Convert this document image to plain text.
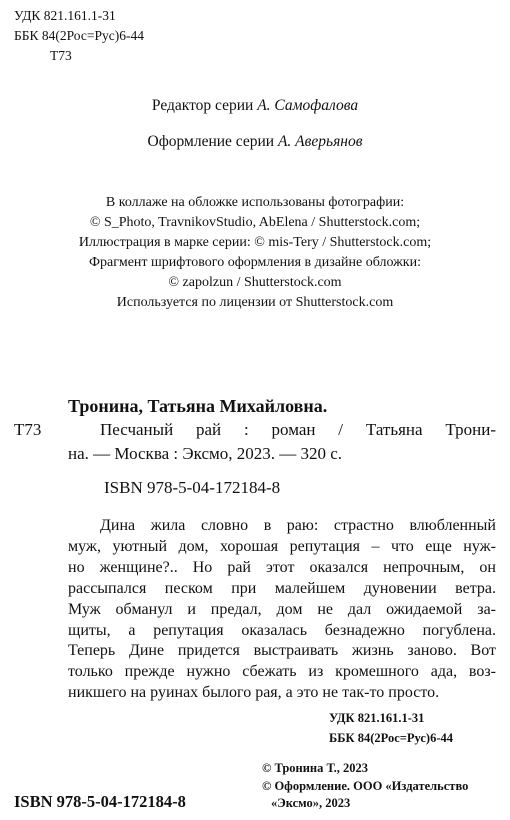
УДК 821.161.1-31
ББК 84(2Рос=Рус)6-44
Т73
Редактор серии А. Самофалова
Оформление серии А. Аверьянов
В коллаже на обложке использованы фотографии:
© S_Photo, TravnikovStudio, AbElena / Shutterstock.com;
Иллюстрация в марке серии: © mis-Tery / Shutterstock.com;
Фрагмент шрифтового оформления в дизайне обложки:
© zapolzun / Shutterstock.com
Используется по лицензии от Shutterstock.com
Тронина, Татьяна Михайловна.
Т73	Песчаный рай : роман / Татьяна Трони-
на. — Москва : Эксмо, 2023. — 320 с.
ISBN 978-5-04-172184-8
Дина жила словно в раю: страстно влюбленный
муж, уютный дом, хорошая репутация – что еще нуж-
но женщине?.. Но рай этот оказался непрочным, он
рассыпался песком при малейшем дуновении ветра.
Муж обманул и предал, дом не дал ожидаемой за-
щиты, а репутация оказалась безнадежно погублена.
Теперь Дине придется выстраивать жизнь заново. Вот
только прежде нужно сбежать из кромешного ада, воз-
никшего на руинах былого рая, а это не так-то просто.
УДК 821.161.1-31
ББК 84(2Рос=Рус)6-44
© Тронина Т., 2023
© Оформление. ООО «Издательство
«Эксмо», 2023
ISBN 978-5-04-172184-8
